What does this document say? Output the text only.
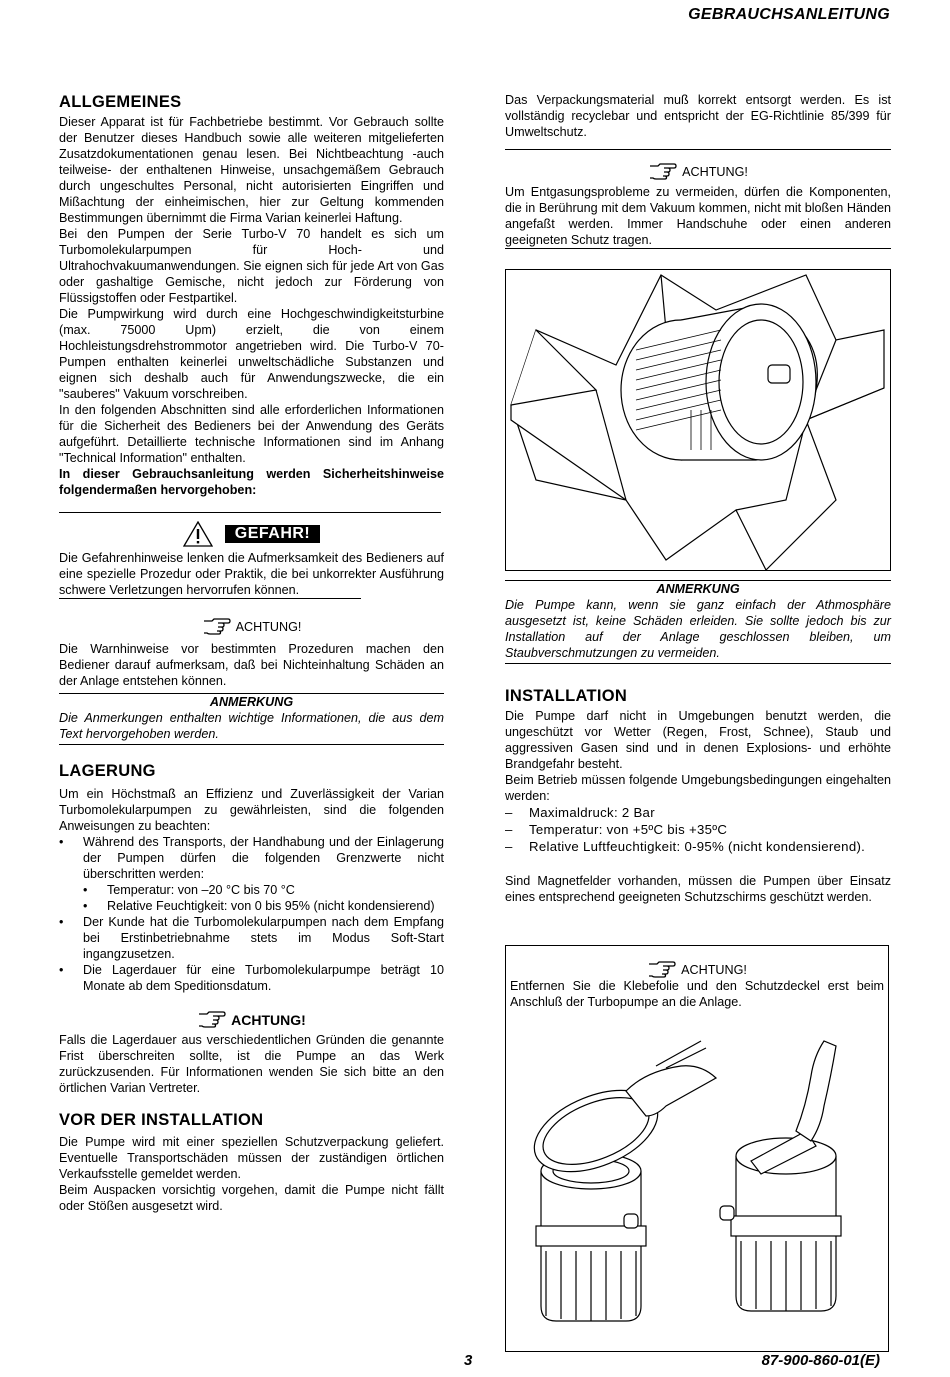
GEBRAUCHSANLEITUNG
ALLGEMEINES

Dieser Apparat ist für Fachbetriebe bestimmt. Vor Gebrauch sollte der Benutzer dieses Handbuch sowie alle weiteren mitgelieferten Zusatzdokumentationen genau lesen. Bei Nichtbeachtung -auch teilweise- der enthaltenen Hinweise, unsachgemäßem Gebrauch durch ungeschultes Personal, nicht autorisierten Eingriffen und Mißachtung der einheimischen, hier zur Geltung kommenden Bestimmungen übernimmt die Firma Varian keinerlei Haftung.

Bei den Pumpen der Serie Turbo-V 70 handelt es sich um Turbomolekularpumpen für Hoch- und Ultrahochvakuumanwendungen. Sie eignen sich für jede Art von Gas oder gashaltige Gemische, nicht jedoch zur Förderung von Flüssigstoffen oder Festpartikel.

Die Pumpwirkung wird durch eine Hochgeschwindigkeitsturbine (max. 75000 Upm) erzielt, die von einem Hochleistungsdrehstrommotor angetrieben wird. Die Turbo-V 70-Pumpen enthalten keinerlei unweltschädliche Substanzen und eignen sich deshalb auch für Anwendungszwecke, die ein "sauberes" Vakuum vorschreiben.

In den folgenden Abschnitten sind alle erforderlichen Informationen für die Sicherheit des Bedieners bei der Anwendung des Geräts aufgeführt. Detaillierte technische Informationen sind im Anhang "Technical Information" enthalten.

In dieser Gebrauchsanleitung werden Sicherheitshinweise folgendermaßen hervorgehoben:

GEFAHR!

Die Gefahrenhinweise lenken die Aufmerksamkeit des Bedieners auf eine spezielle Prozedur oder Praktik, die bei unkorrekter Ausführung schwere Verletzungen hervorrufen können.

ACHTUNG!

Die Warnhinweise vor bestimmten Prozeduren machen den Bediener darauf aufmerksam, daß bei Nichteinhaltung Schäden an der Anlage entstehen können.

ANMERKUNG

Die Anmerkungen enthalten wichtige Informationen, die aus dem Text hervorgehoben werden.

LAGERUNG

Um ein Höchstmaß an Effizienz und Zuverlässigkeit der Varian Turbomolekularpumpen zu gewährleisten, sind die folgenden Anweisungen zu beachten:

• Während des Transports, der Handhabung und der Einlagerung der Pumpen dürfen die folgenden Grenzwerte nicht überschritten werden:
• Temperatur: von –20 °C bis 70 °C
• Relative Feuchtigkeit: von 0 bis 95% (nicht kondensierend)
• Der Kunde hat die Turbomolekularpumpen nach dem Empfang bei Erstinbetriebnahme stets im Modus Soft-Start ingangzusetzen.
• Die Lagerdauer für eine Turbomolekularpumpe beträgt 10 Monate ab dem Speditionsdatum.
ACHTUNG!

Falls die Lagerdauer aus verschiedentlichen Gründen die genannte Frist überschreiten sollte, ist die Pumpe an das Werk zurückzusenden. Für Informationen wenden Sie sich bitte an den örtlichen Varian Vertreter.

VOR DER INSTALLATION

Die Pumpe wird mit einer speziellen Schutzverpackung geliefert. Eventuelle Transportschäden müssen der zuständigen örtlichen Verkaufsstelle gemeldet werden.

Beim Auspacken vorsichtig vorgehen, damit die Pumpe nicht fällt oder Stößen ausgesetzt wird.

Das Verpackungsmaterial muß korrekt entsorgt werden. Es ist vollständig recyclebar und entspricht der EG-Richtlinie 85/399 für Umweltschutz.

ACHTUNG!

Um Entgasungsprobleme zu vermeiden, dürfen die Komponenten, die in Berührung mit dem Vakuum kommen, nicht mit bloßen Händen angefaßt werden. Immer Handschuhe oder einen anderen geeigneten Schutz tragen.

ANMERKUNG

Die Pumpe kann, wenn sie ganz einfach der Athmosphäre ausgesetzt ist, keine Schäden erleiden. Sie sollte jedoch bis zur Installation auf der Anlage geschlossen bleiben, um Staubverschmutzungen zu vermeiden.

INSTALLATION

Die Pumpe darf nicht in Umgebungen benutzt werden, die ungeschützt vor Wetter (Regen, Frost, Schnee), Staub und aggressiven Gasen sind und in denen Explosions- und erhöhte Brandgefahr besteht.

Beim Betrieb müssen folgende Umgebungsbedingungen eingehalten werden:

– Maximaldruck: 2 Bar
– Temperatur: von +5ºC bis +35ºC
– Relative Luftfeuchtigkeit: 0-95% (nicht kondensierend).

Sind Magnetfelder vorhanden, müssen die Pumpen über Einsatz eines entsprechend geeigneten Schutzschirms geschützt werden.

ACHTUNG!

Entfernen Sie die Klebefolie und den Schutzdeckel erst beim Anschluß der Turbopumpe an die Anlage.

3	87-900-860-01(E)
